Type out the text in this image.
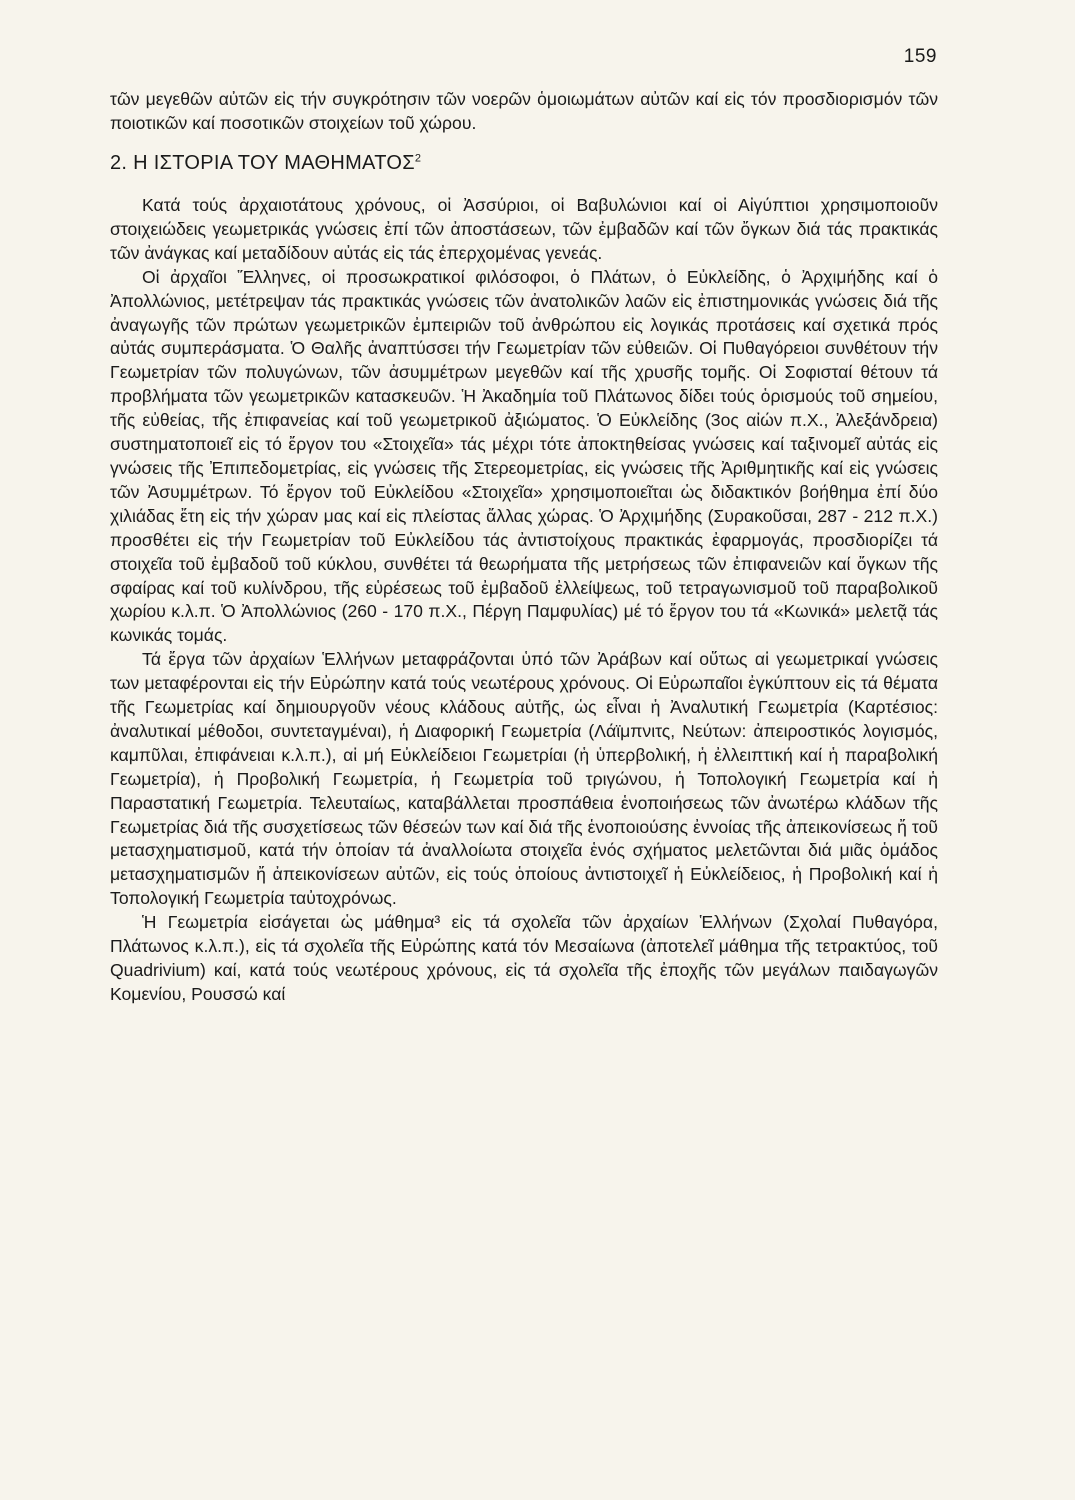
159
τῶν μεγεθῶν αὐτῶν εἰς τήν συγκρότησιν τῶν νοερῶν ὁμοιωμάτων αὐτῶν καί εἰς τόν προσδιορισμόν τῶν ποιοτικῶν καί ποσοτικῶν στοιχείων τοῦ χώρου.
2. Η ΙΣΤΟΡΙΑ ΤΟΥ ΜΑΘΗΜΑΤΟΣ$^2$

Κατά τούς ἀρχαιοτάτους χρόνους, οἱ Ἀσσύριοι, οἱ Βαβυλώνιοι καί οἱ Αἰγύπτιοι χρησιμοποιοῦν στοιχειώδεις γεωμετρικάς γνώσεις ἐπί τῶν ἀποστάσεων, τῶν ἐμβαδῶν καί τῶν ὄγκων διά τάς πρακτικάς τῶν ἀνάγκας καί μεταδίδουν αὐτάς εἰς τάς ἐπερχομένας γενεάς.

Οἱ ἀρχαῖοι Ἕλληνες, οἱ προσωκρατικοί φιλόσοφοι, ὁ Πλάτων, ὁ Εὐκλείδης, ὁ Ἀρχιμήδης καί ὁ Ἀπολλώνιος, μετέτρεψαν τάς πρακτικάς γνώσεις τῶν ἀνατολικῶν λαῶν εἰς ἐπιστημονικάς γνώσεις διά τῆς ἀναγωγῆς τῶν πρώτων γεωμετρικῶν ἐμπειριῶν τοῦ ἀνθρώπου εἰς λογικάς προτάσεις καί σχετικά πρός αὐτάς συμπεράσματα. Ὁ Θαλῆς ἀναπτύσσει τήν Γεωμετρίαν τῶν εὐθειῶν. Οἱ Πυθαγόρειοι συνθέτουν τήν Γεωμετρίαν τῶν πολυγώνων, τῶν ἀσυμμέτρων μεγεθῶν καί τῆς χρυσῆς τομῆς. Οἱ Σοφισταί θέτουν τά προβλήματα τῶν γεωμετρικῶν κατασκευῶν. Ἡ Ἀκαδημία τοῦ Πλάτωνος δίδει τούς ὁρισμούς τοῦ σημείου, τῆς εὐθείας, τῆς ἐπιφανείας καί τοῦ γεωμετρικοῦ ἀξιώματος. Ὁ Εὐκλείδης (3ος αἰών π.Χ., Ἀλεξάνδρεια) συστηματοποιεῖ εἰς τό ἔργον του «Στοιχεῖα» τάς μέχρι τότε ἀποκτηθείσας γνώσεις καί ταξινομεῖ αὐτάς εἰς γνώσεις τῆς Ἐπιπεδομετρίας, εἰς γνώσεις τῆς Στερεομετρίας, εἰς γνώσεις τῆς Ἀριθμητικῆς καί εἰς γνώσεις τῶν Ἀσυμμέτρων. Τό ἔργον τοῦ Εὐκλείδου «Στοιχεῖα» χρησιμοποιεῖται ὡς διδακτικόν βοήθημα ἐπί δύο χιλιάδας ἔτη εἰς τήν χώραν μας καί εἰς πλείστας ἄλλας χώρας. Ὁ Ἀρχιμήδης (Συρακοῦσαι, 287 - 212 π.Χ.) προσθέτει εἰς τήν Γεωμετρίαν τοῦ Εὐκλείδου τάς ἀντιστοίχους πρακτικάς ἐφαρμογάς, προσδιορίζει τά στοιχεῖα τοῦ ἐμβαδοῦ τοῦ κύκλου, συνθέτει τά θεωρήματα τῆς μετρήσεως τῶν ἐπιφανειῶν καί ὄγκων τῆς σφαίρας καί τοῦ κυλίνδρου, τῆς εὑρέσεως τοῦ ἐμβαδοῦ ἐλλείψεως, τοῦ τετραγωνισμοῦ τοῦ παραβολικοῦ χωρίου κ.λ.π. Ὁ Ἀπολλώνιος (260 - 170 π.Χ., Πέργη Παμφυλίας) μέ τό ἔργον του τά «Κωνικά» μελετᾷ τάς κωνικάς τομάς.

Τά ἔργα τῶν ἀρχαίων Ἑλλήνων μεταφράζονται ὑπό τῶν Ἀράβων καί οὕτως αἱ γεωμετρικαί γνώσεις των μεταφέρονται εἰς τήν Εὐρώπην κατά τούς νεωτέρους χρόνους. Οἱ Εὐρωπαῖοι ἐγκύπτουν εἰς τά θέματα τῆς Γεωμετρίας καί δημιουργοῦν νέους κλάδους αὐτῆς, ὡς εἶναι ἡ Ἀναλυτική Γεωμετρία (Καρτέσιος: ἀναλυτικαί μέθοδοι, συντεταγμέναι), ἡ Διαφορική Γεωμετρία (Λάϊμπνιτς, Νεύτων: ἀπειροστικός λογισμός, καμπῦλαι, ἐπιφάνειαι κ.λ.π.), αἱ μή Εὐκλείδειοι Γεωμετρίαι (ἡ ὑπερβολική, ἡ ἐλλειπτική καί ἡ παραβολική Γεωμετρία), ἡ Προβολική Γεωμετρία, ἡ Γεωμετρία τοῦ τριγώνου, ἡ Τοπολογική Γεωμετρία καί ἡ Παραστατική Γεωμετρία. Τελευταίως, καταβάλλεται προσπάθεια ἑνοποιήσεως τῶν ἀνωτέρω κλάδων τῆς Γεωμετρίας διά τῆς συσχετίσεως τῶν θέσεών των καί διά τῆς ἑνοποιούσης ἐννοίας τῆς ἀπεικονίσεως ἤ τοῦ μετασχηματισμοῦ, κατά τήν ὁποίαν τά ἀναλλοίωτα στοιχεῖα ἑνός σχήματος μελετῶνται διά μιᾶς ὁμάδος μετασχηματισμῶν ἤ ἀπεικονίσεων αὐτῶν, εἰς τούς ὁποίους ἀντιστοιχεῖ ἡ Εὐκλείδειος, ἡ Προβολική καί ἡ Τοπολογική Γεωμετρία ταὐτοχρόνως.

Ἡ Γεωμετρία εἰσάγεται ὡς μάθημα³ εἰς τά σχολεῖα τῶν ἀρχαίων Ἑλλήνων (Σχολαί Πυθαγόρα, Πλάτωνος κ.λ.π.), εἰς τά σχολεῖα τῆς Εὐρώπης κατά τόν Μεσαίωνα (ἀποτελεῖ μάθημα τῆς τετρακτύος, τοῦ Quadrivium) καί, κατά τούς νεωτέρους χρόνους, εἰς τά σχολεῖα τῆς ἐποχῆς τῶν μεγάλων παιδαγωγῶν Κομενίου, Ρουσσώ καί
